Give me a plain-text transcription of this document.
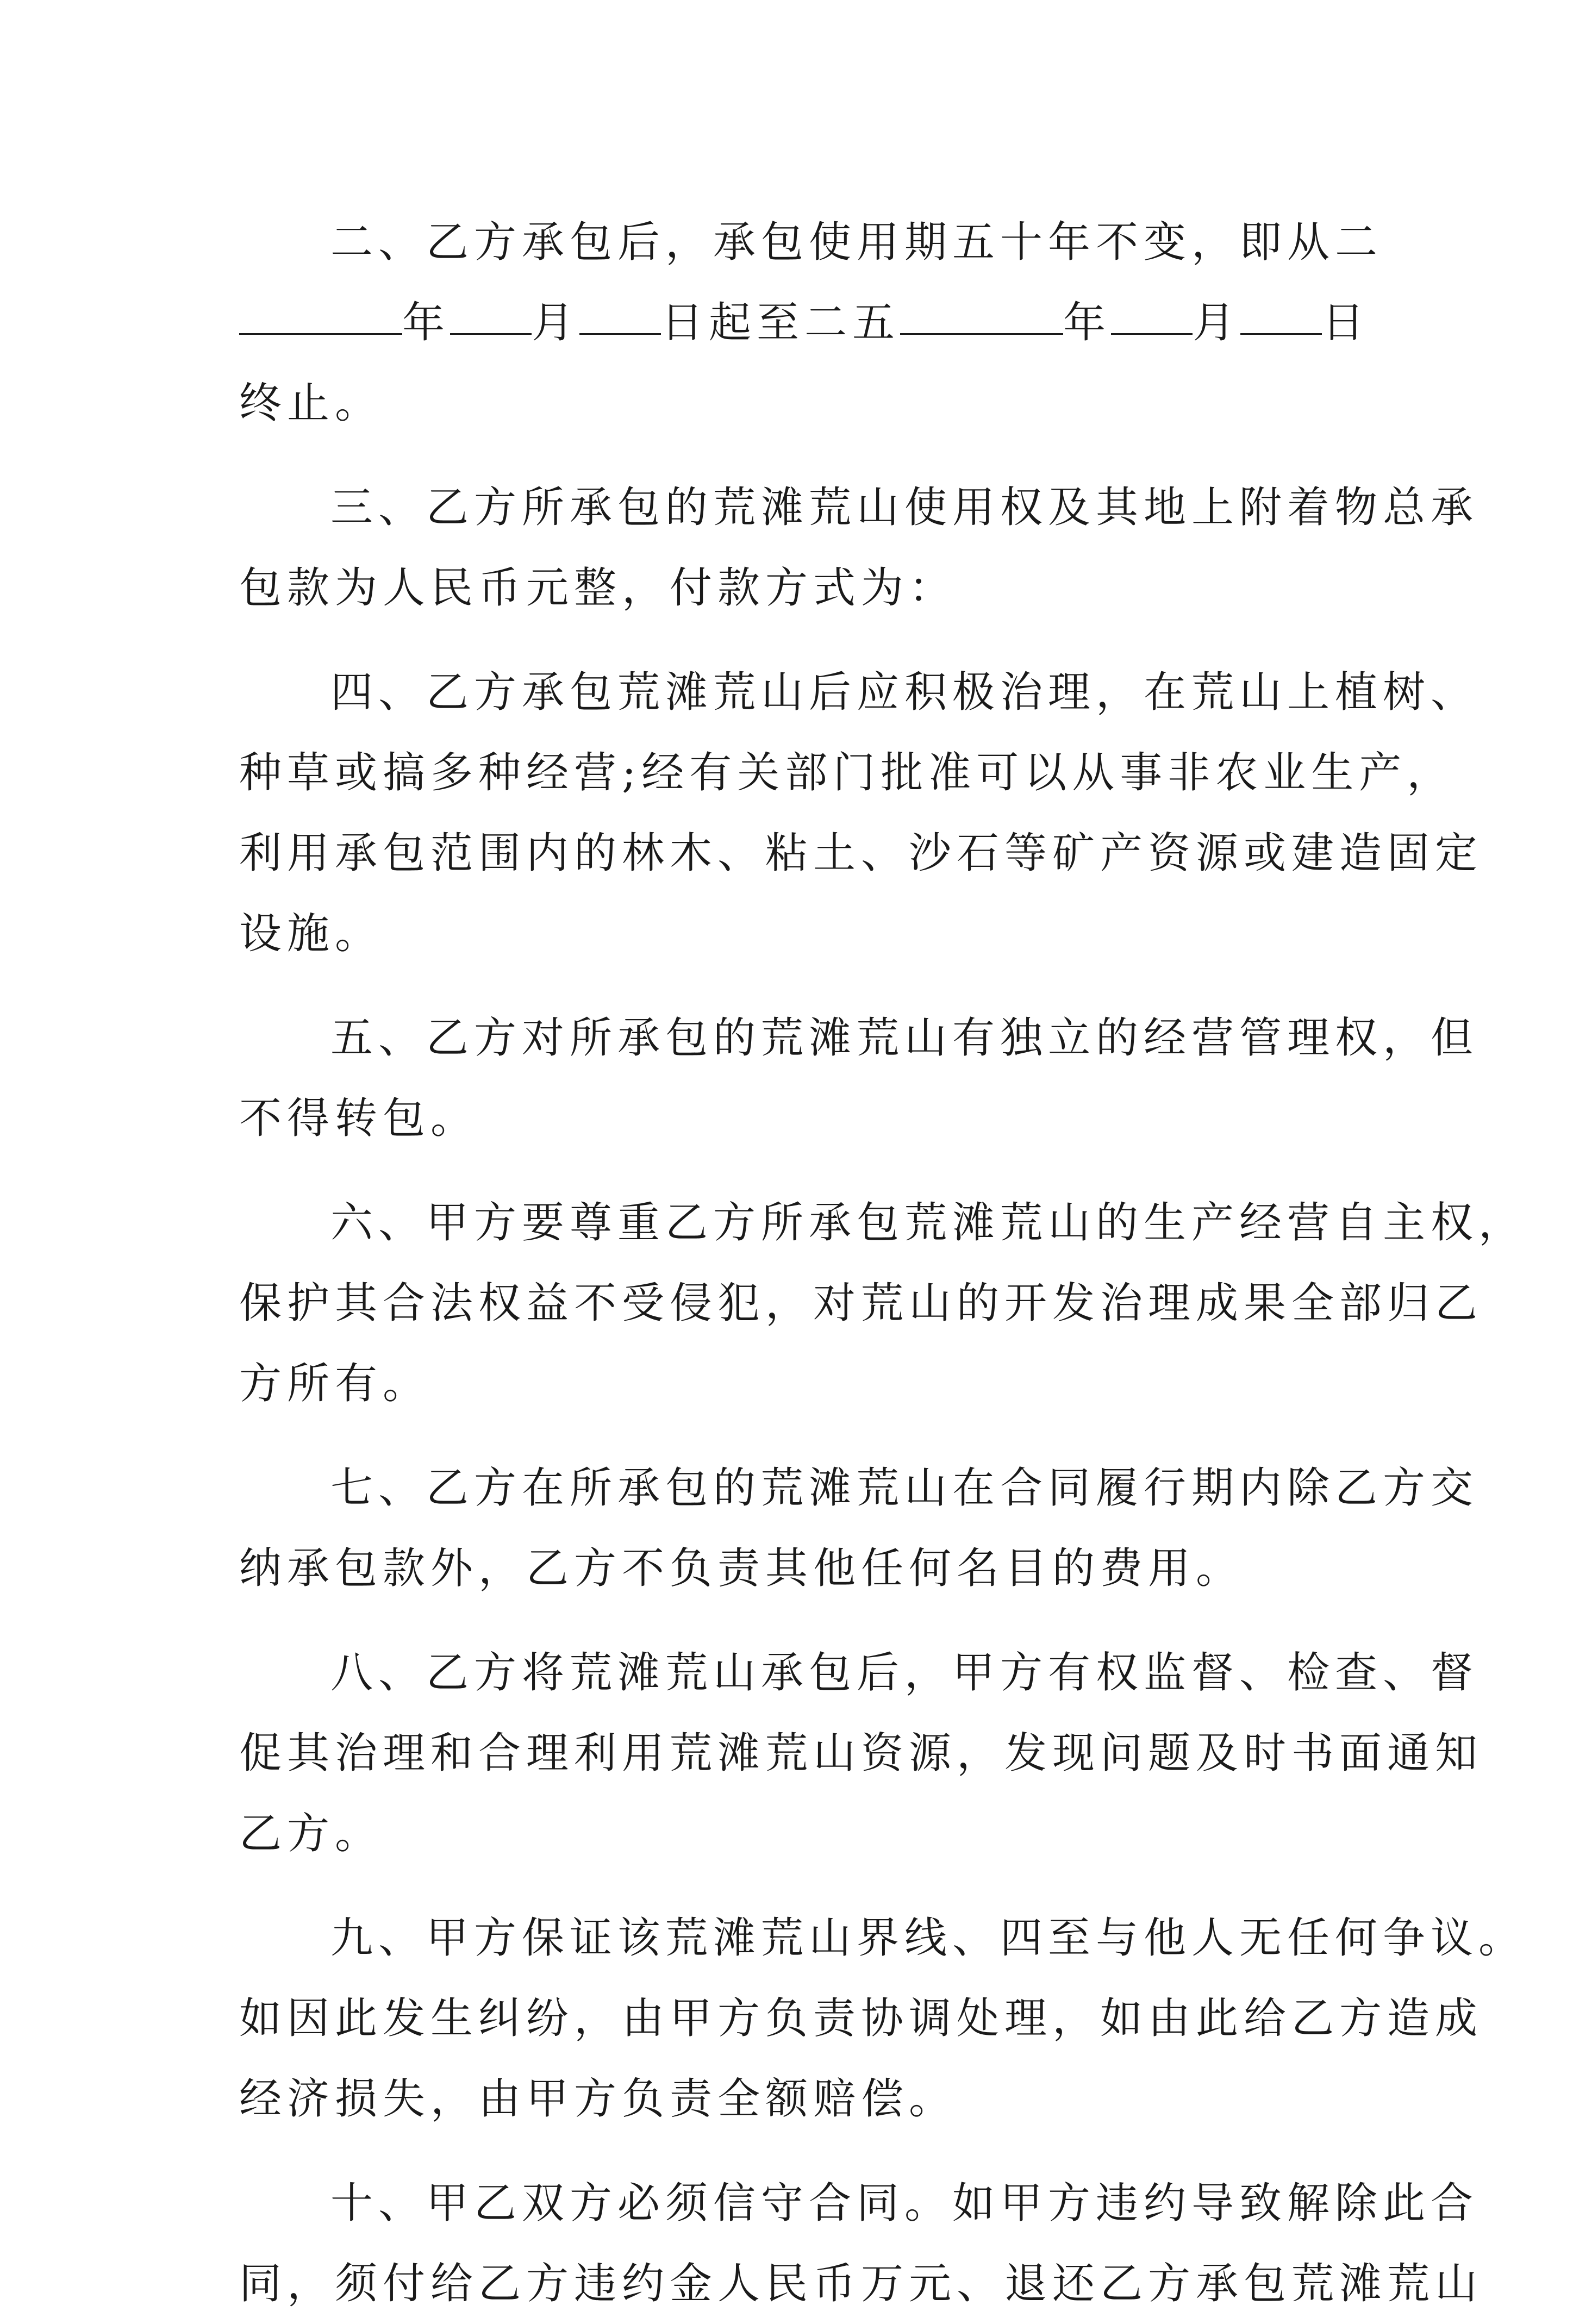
二、乙方承包后，承包使用期五十年不变，即从二
年 月 日起至二五	年 月 日
终止。
三、乙方所承包的荒滩荒山使用权及其地上附着物总承
包款为人民币元整，付款方式为：
四、乙方承包荒滩荒山后应积极治理，在荒山上植树、
种草或搞多种经营;经有关部门批准可以从事非农业生产，
利用承包范围内的林木、粘土、沙石等矿产资源或建造固定
设施。
五、乙方对所承包的荒滩荒山有独立的经营管理权，但
不得转包。
六、甲方要尊重乙方所承包荒滩荒山的生产经营自主权，
保护其合法权益不受侵犯，对荒山的开发治理成果全部归乙
方所有。
七、乙方在所承包的荒滩荒山在合同履行期内除乙方交
纳承包款外，乙方不负责其他任何名目的费用。
八、乙方将荒滩荒山承包后，甲方有权监督、检查、督
促其治理和合理利用荒滩荒山资源，发现问题及时书面通知
乙方。
九、甲方保证该荒滩荒山界线、四至与他人无任何争议。
如因此发生纠纷，由甲方负责协调处理，如由此给乙方造成
经济损失，由甲方负责全额赔偿。
十、甲乙双方必须信守合同。如甲方违约导致解除此合
同，须付给乙方违约金人民币万元、退还乙方承包荒滩荒山
